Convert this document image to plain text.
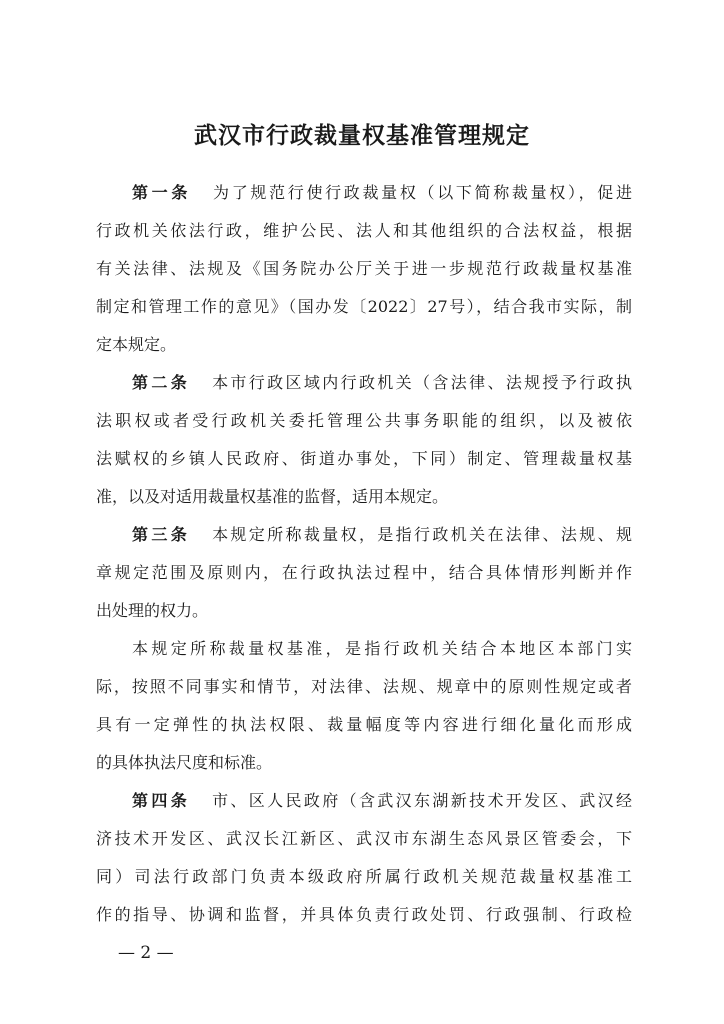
武汉市行政裁量权基准管理规定
第一条 为了规范行使行政裁量权（以下简称裁量权），促进
行政机关依法行政，维护公民、法人和其他组织的合法权益，根据
有关法律、法规及《国务院办公厅关于进一步规范行政裁量权基准
制定和管理工作的意见》（国办发〔2022〕27号），结合我市实际，制
定本规定。
第二条 本市行政区域内行政机关（含法律、法规授予行政执
法职权或者受行政机关委托管理公共事务职能的组织，以及被依
法赋权的乡镇人民政府、街道办事处，下同）制定、管理裁量权基
准，以及对适用裁量权基准的监督，适用本规定。
第三条 本规定所称裁量权，是指行政机关在法律、法规、规
章规定范围及原则内，在行政执法过程中，结合具体情形判断并作
出处理的权力。
本规定所称裁量权基准，是指行政机关结合本地区本部门实
际，按照不同事实和情节，对法律、法规、规章中的原则性规定或者
具有一定弹性的执法权限、裁量幅度等内容进行细化量化而形成
的具体执法尺度和标准。
第四条 市、区人民政府（含武汉东湖新技术开发区、武汉经
济技术开发区、武汉长江新区、武汉市东湖生态风景区管委会，下
同）司法行政部门负责本级政府所属行政机关规范裁量权基准工
— 2 —
作的指导、协调和监督，并具体负责行政处罚、行政强制、行政检
